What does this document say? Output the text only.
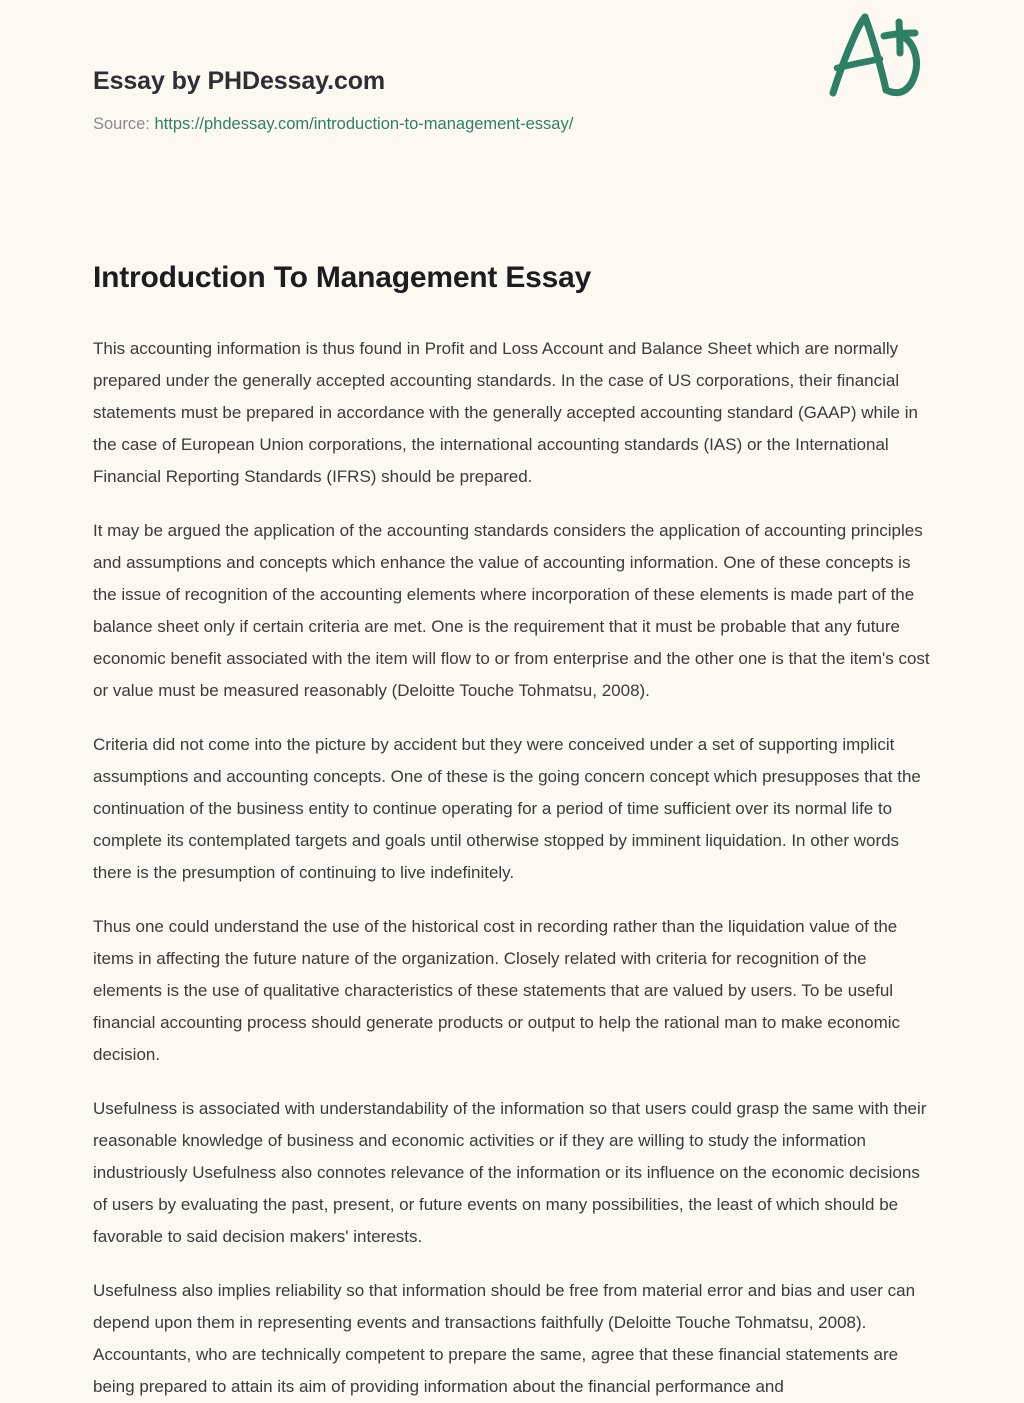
Essay by PHDessay.com
Source: https://phdessay.com/introduction-to-management-essay/
Introduction To Management Essay

This accounting information is thus found in Profit and Loss Account and Balance Sheet which are normally prepared under the generally accepted accounting standards. In the case of US corporations, their financial statements must be prepared in accordance with the generally accepted accounting standard (GAAP) while in the case of European Union corporations, the international accounting standards (IAS) or the International Financial Reporting Standards (IFRS) should be prepared.

It may be argued the application of the accounting standards considers the application of accounting principles and assumptions and concepts which enhance the value of accounting information. One of these concepts is the issue of recognition of the accounting elements where incorporation of these elements is made part of the balance sheet only if certain criteria are met. One is the requirement that it must be probable that any future economic benefit associated with the item will flow to or from enterprise and the other one is that the item's cost or value must be measured reasonably (Deloitte Touche Tohmatsu, 2008).

Criteria did not come into the picture by accident but they were conceived under a set of supporting implicit assumptions and accounting concepts. One of these is the going concern concept which presupposes that the continuation of the business entity to continue operating for a period of time sufficient over its normal life to complete its contemplated targets and goals until otherwise stopped by imminent liquidation. In other words there is the presumption of continuing to live indefinitely.

Thus one could understand the use of the historical cost in recording rather than the liquidation value of the items in affecting the future nature of the organization. Closely related with criteria for recognition of the elements is the use of qualitative characteristics of these statements that are valued by users. To be useful financial accounting process should generate products or output to help the rational man to make economic decision.

Usefulness is associated with understandability of the information so that users could grasp the same with their reasonable knowledge of business and economic activities or if they are willing to study the information industriously Usefulness also connotes relevance of the information or its influence on the economic decisions of users by evaluating the past, present, or future events on many possibilities, the least of which should be favorable to said decision makers' interests.

Usefulness also implies reliability so that information should be free from material error and bias and user can depend upon them in representing events and transactions faithfully (Deloitte Touche Tohmatsu, 2008). Accountants, who are technically competent to prepare the same, agree that these financial statements are being prepared to attain its aim of providing information about the financial performance and
